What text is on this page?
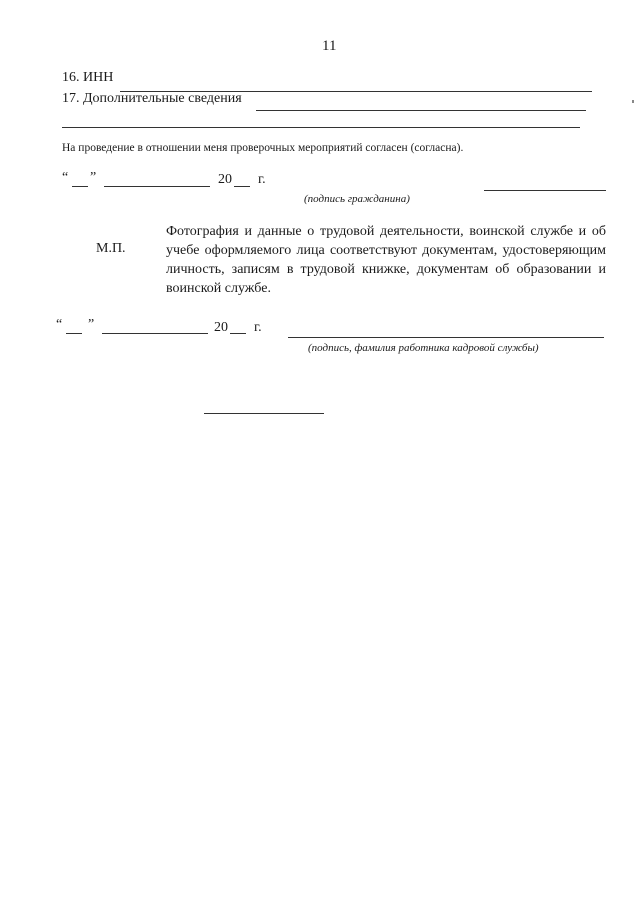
11
16. ИНН
17. Дополнительные сведения
На проведение в отношении меня проверочных мероприятий согласен (согласна).
“ ”	20 г.
(подпись гражданина)
М.П.
Фотография и данные о трудовой деятельности, воинской службе и об учебе оформляемого лица соответствуют документам, удостоверяющим личность, записям в трудовой книжке, документам об образовании и воинской службе.
“ ”	20 г.
(подпись, фамилия работника кадровой службы)
